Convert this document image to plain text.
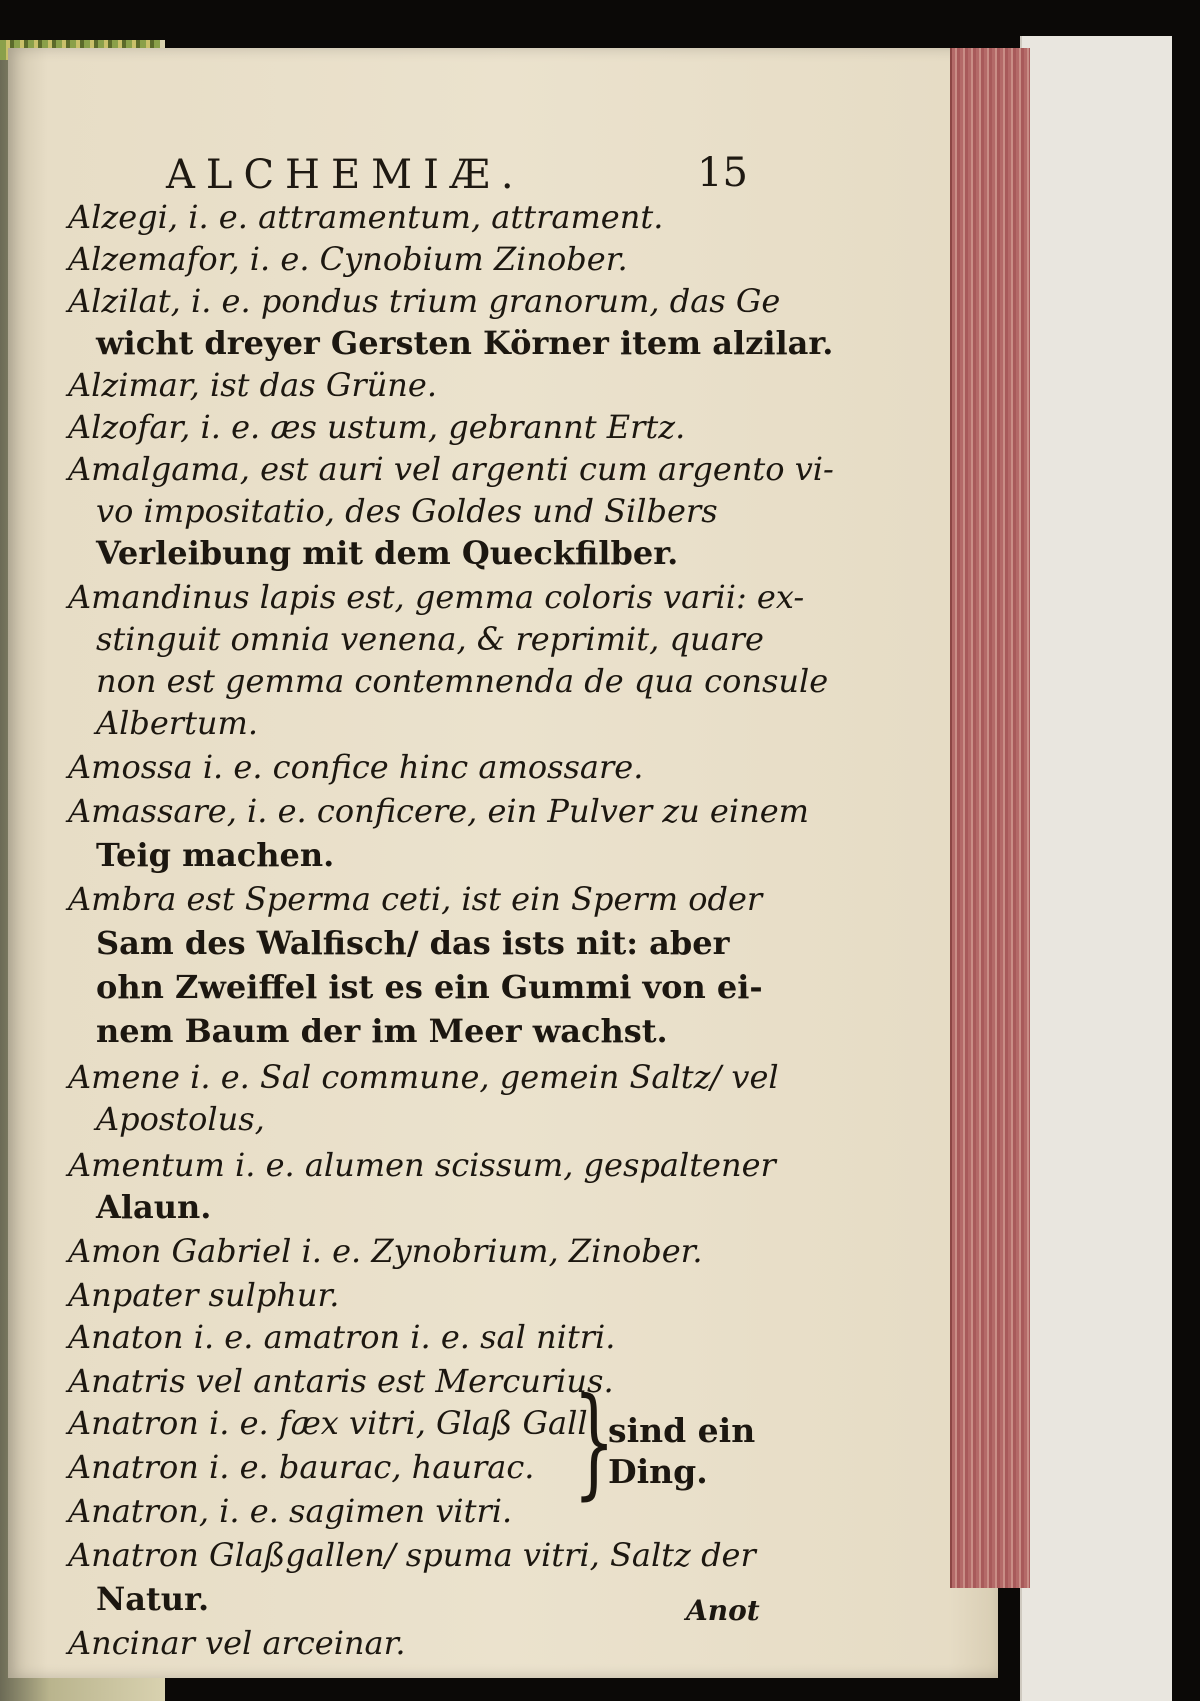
ALCHEMIÆ.	15
Alzegi, i. e. attramentum, attrament.
Alzemafor, i. e. Cynobium Zinober.
Alzilat, i. e. pondus trium granorum, das Ge
wicht dreyer Gersten Körner item alzilar.
Alzimar, ist das Grüne.
Alzofar, i. e. æs ustum, gebrannt Ertz.
Amalgama, est auri vel argenti cum argento vi-
vo impositatio, des Goldes und Silbers
Verleibung mit dem Queckfilber.
Amandinus lapis est, gemma coloris varii: ex-
stinguit omnia venena, & reprimit, quare
non est gemma contemnenda de qua consule
Albertum.
Amossa i. e. confice hinc amossare.
Amassare, i. e. conficere, ein Pulver zu einem
Teig machen.
Ambra est Sperma ceti, ist ein Sperm oder
Sam des Walfisch/ das ists nit: aber
ohn Zweiffel ist es ein Gummi von ei-
nem Baum der im Meer wachst.
Amene i. e. Sal commune, gemein Saltz/ vel
Apostolus,
Amentum i. e. alumen scissum, gespaltener
Alaun.
Amon Gabriel i. e. Zynobrium, Zinober.
Anpater sulphur.
Anaton i. e. amatron i. e. sal nitri.
Anatris vel antaris est Mercurius.
Anatron i. e. fæx vitri, Glaß Gall
Anatron i. e. baurac, haurac.
Anatron, i. e. sagimen vitri.
Anatron Glaßgallen/ spuma vitri, Saltz der
Natur.
Ancinar vel arceinar.
}
sind ein
Ding.
Anot
